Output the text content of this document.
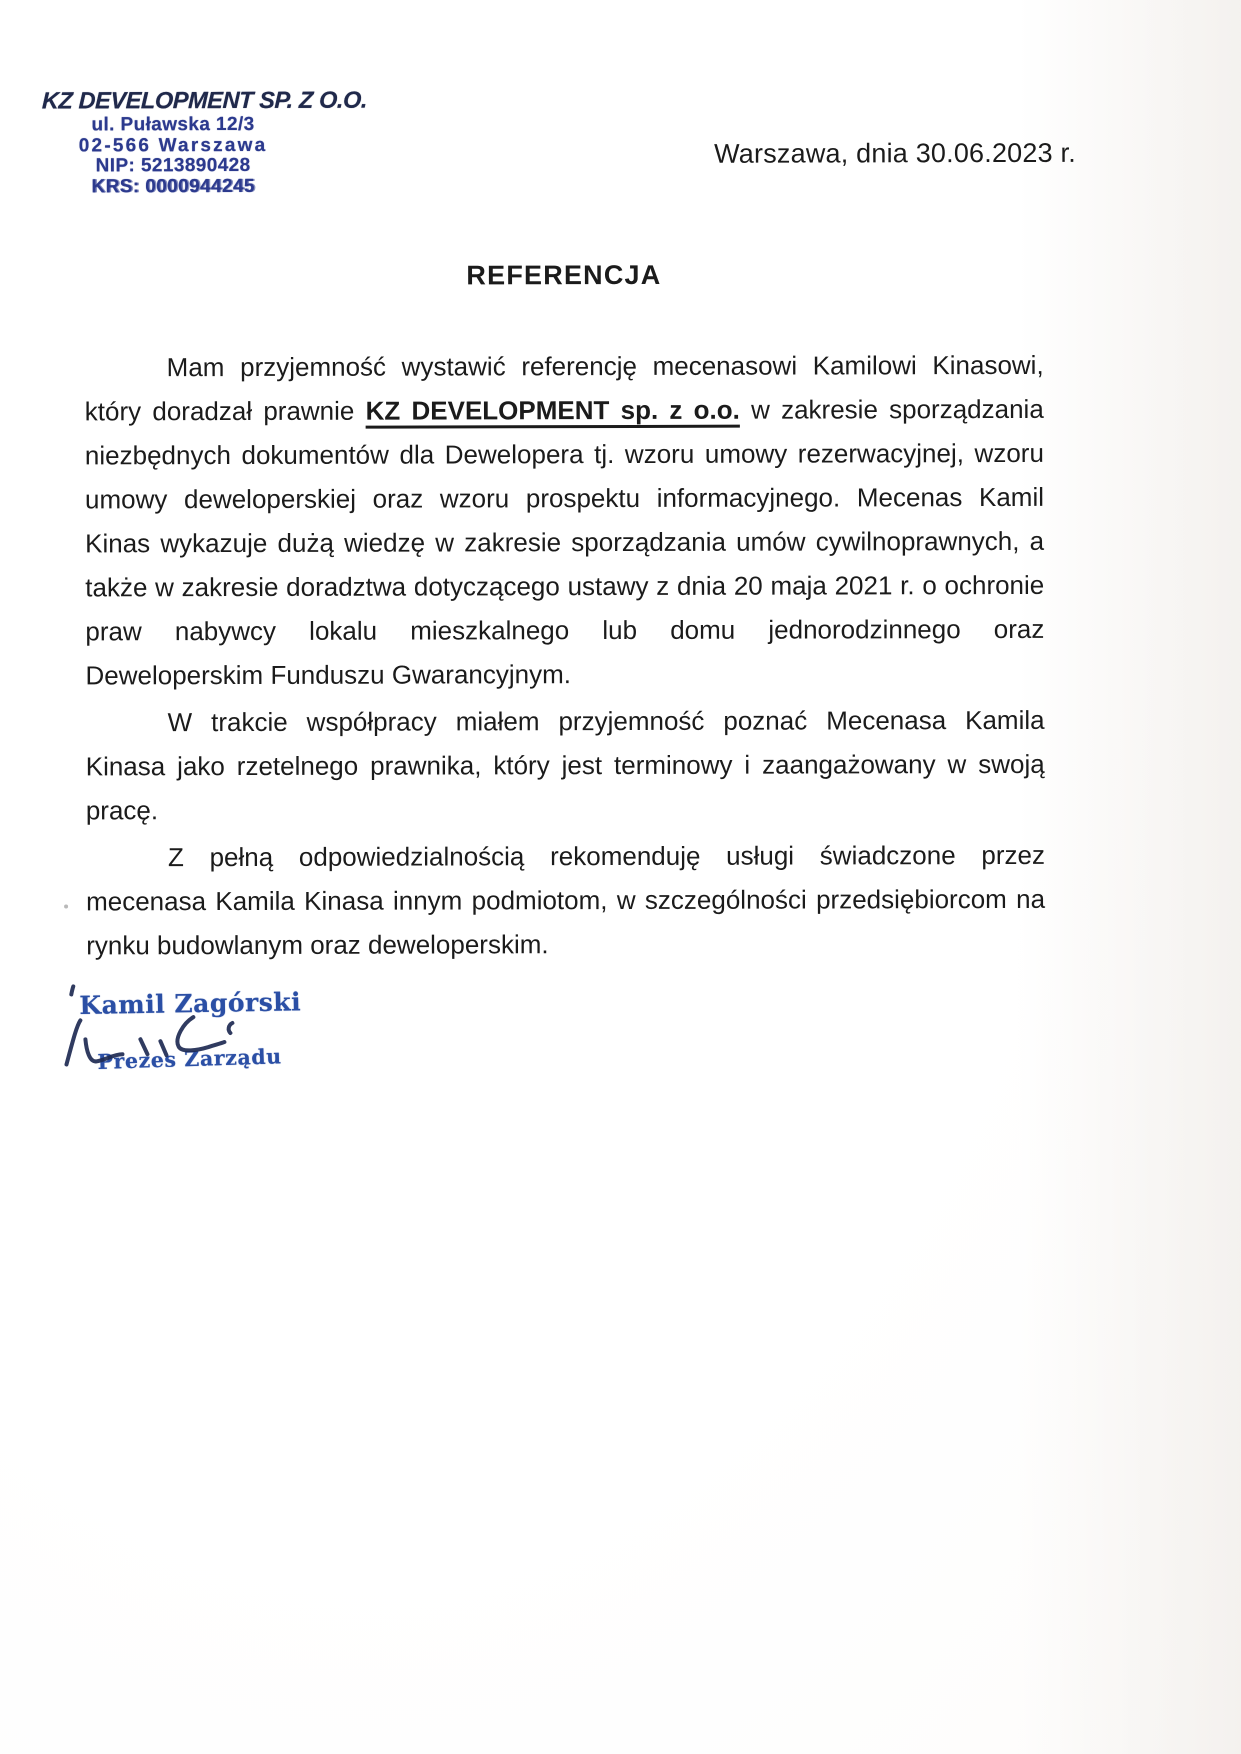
KZ DEVELOPMENT SP. Z O.O.
ul. Puławska 12/3
02-566 Warszawa
NIP: 5213890428
KRS: 0000944245
Warszawa, dnia 30.06.2023 r.
REFERENCJA

Mam przyjemność wystawić referencję mecenasowi Kamilowi Kinasowi, który doradzał prawnie KZ DEVELOPMENT sp. z o.o. w zakresie sporządzania niezbędnych dokumentów dla Dewelopera tj. wzoru umowy rezerwacyjnej, wzoru umowy deweloperskiej oraz wzoru prospektu informacyjnego. Mecenas Kamil Kinas wykazuje dużą wiedzę w zakresie sporządzania umów cywilnoprawnych, a także w zakresie doradztwa dotyczącego ustawy z dnia 20 maja 2021 r. o ochronie praw nabywcy lokalu mieszkalnego lub domu jednorodzinnego oraz Deweloperskim Funduszu Gwarancyjnym.

W trakcie współpracy miałem przyjemność poznać Mecenasa Kamila Kinasa jako rzetelnego prawnika, który jest terminowy i zaangażowany w swoją pracę.

Z pełną odpowiedzialnością rekomenduję usługi świadczone przez mecenasa Kamila Kinasa innym podmiotom, w szczególności przedsiębiorcom na rynku budowlanym oraz deweloperskim.

Kamil Zagórski
Prezes Zarządu
